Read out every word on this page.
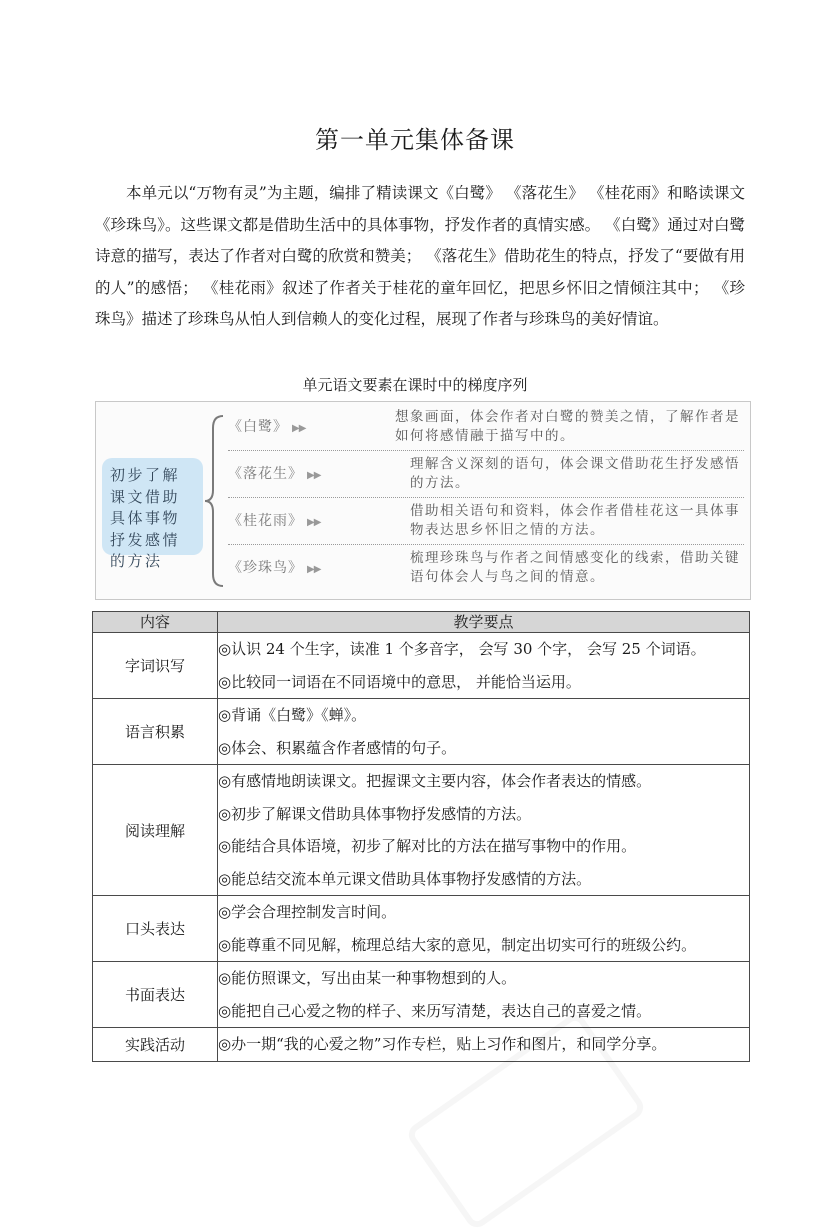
第一单元集体备课

本单元以“万物有灵”为主题，编排了精读课文《白鹭》 《落花生》 《桂花雨》和略读课文《珍珠鸟》。这些课文都是借助生活中的具体事物，抒发作者的真情实感。 《白鹭》通过对白鹭诗意的描写，表达了作者对白鹭的欣赏和赞美； 《落花生》借助花生的特点，抒发了“要做有用的人”的感悟； 《桂花雨》叙述了作者关于桂花的童年回忆，把思乡怀旧之情倾注其中； 《珍珠鸟》描述了珍珠鸟从怕人到信赖人的变化过程，展现了作者与珍珠鸟的美好情谊。

单元语文要素在课时中的梯度序列
初步了解课文借助具体事物抒发感情的方法
《白鹭》 ▶▶
想象画面，体会作者对白鹭的赞美之情，了解作者是
如何将感情融于描写中的。
《落花生》 ▶▶
理解含义深刻的语句，体会课文借助花生抒发感悟
的方法。
《桂花雨》 ▶▶
借助相关语句和资料，体会作者借桂花这一具体事
物表达思乡怀旧之情的方法。
《珍珠鸟》 ▶▶
梳理珍珠鸟与作者之间情感变化的线索，借助关键
语句体会人与鸟之间的情意。
内容	教学要点
字词识写	◎认识 24 个生字，读准 1 个多音字， 会写 30 个字， 会写 25 个词语。
◎比较同一词语在不同语境中的意思， 并能恰当运用。

语言积累	◎背诵《白鹭》《蝉》。
◎体会、积累蕴含作者感情的句子。

阅读理解	◎有感情地朗读课文。把握课文主要内容，体会作者表达的情感。
◎初步了解课文借助具体事物抒发感情的方法。
◎能结合具体语境，初步了解对比的方法在描写事物中的作用。
◎能总结交流本单元课文借助具体事物抒发感情的方法。

口头表达	◎学会合理控制发言时间。
◎能尊重不同见解，梳理总结大家的意见，制定出切实可行的班级公约。

书面表达	◎能仿照课文，写出由某一种事物想到的人。
◎能把自己心爱之物的样子、来历写清楚，表达自己的喜爱之情。

实践活动	◎办一期“我的心爱之物”习作专栏，贴上习作和图片，和同学分享。
